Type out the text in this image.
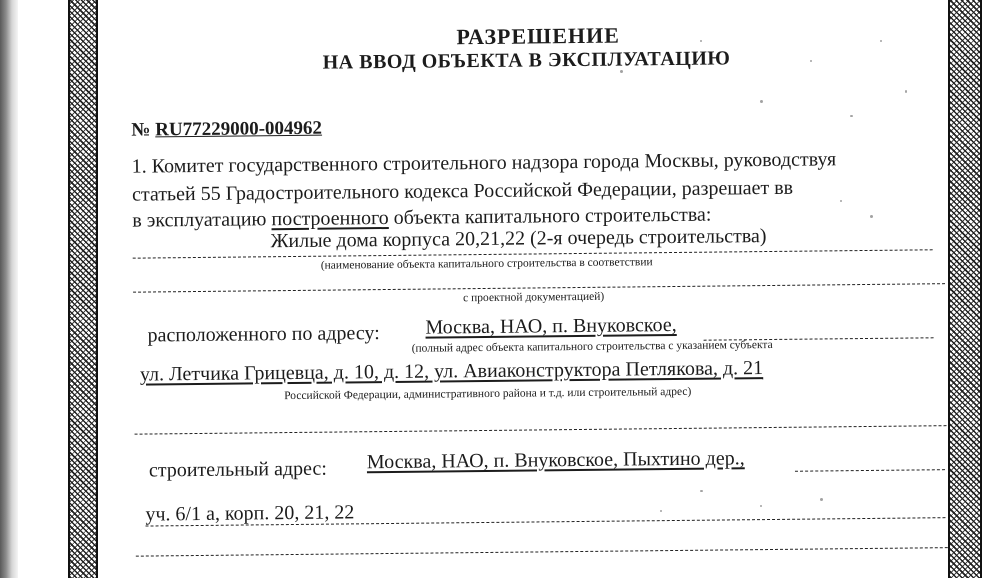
РАЗРЕШЕНИЕ
НА ВВОД ОБЪЕКТА В ЭКСПЛУАТАЦИЮ
№ RU77229000-004962
1. Комитет государственного строительного надзора города Москвы, руководствуя
статьей 55 Градостроительного кодекса Российской Федерации, разрешает вв
в эксплуатацию построенного объекта капитального строительства:
Жилые дома корпуса 20,21,22 (2-я очередь строительства)
(наименование объекта капитального строительства в соответствии
с проектной документацией)
расположенного по адресу: Москва, НАО, п. Внуковское,
(полный адрес объекта капитального строительства с указанием субъекта
ул. Летчика Грицевца, д. 10, д. 12, ул. Авиаконструктора Петлякова, д. 21
Российской Федерации, административного района и т.д. или строительный адрес)
строительный адрес: Москва, НАО, п. Внуковское, Пыхтино дер.,
уч. 6/1 а, корп. 20, 21, 22
